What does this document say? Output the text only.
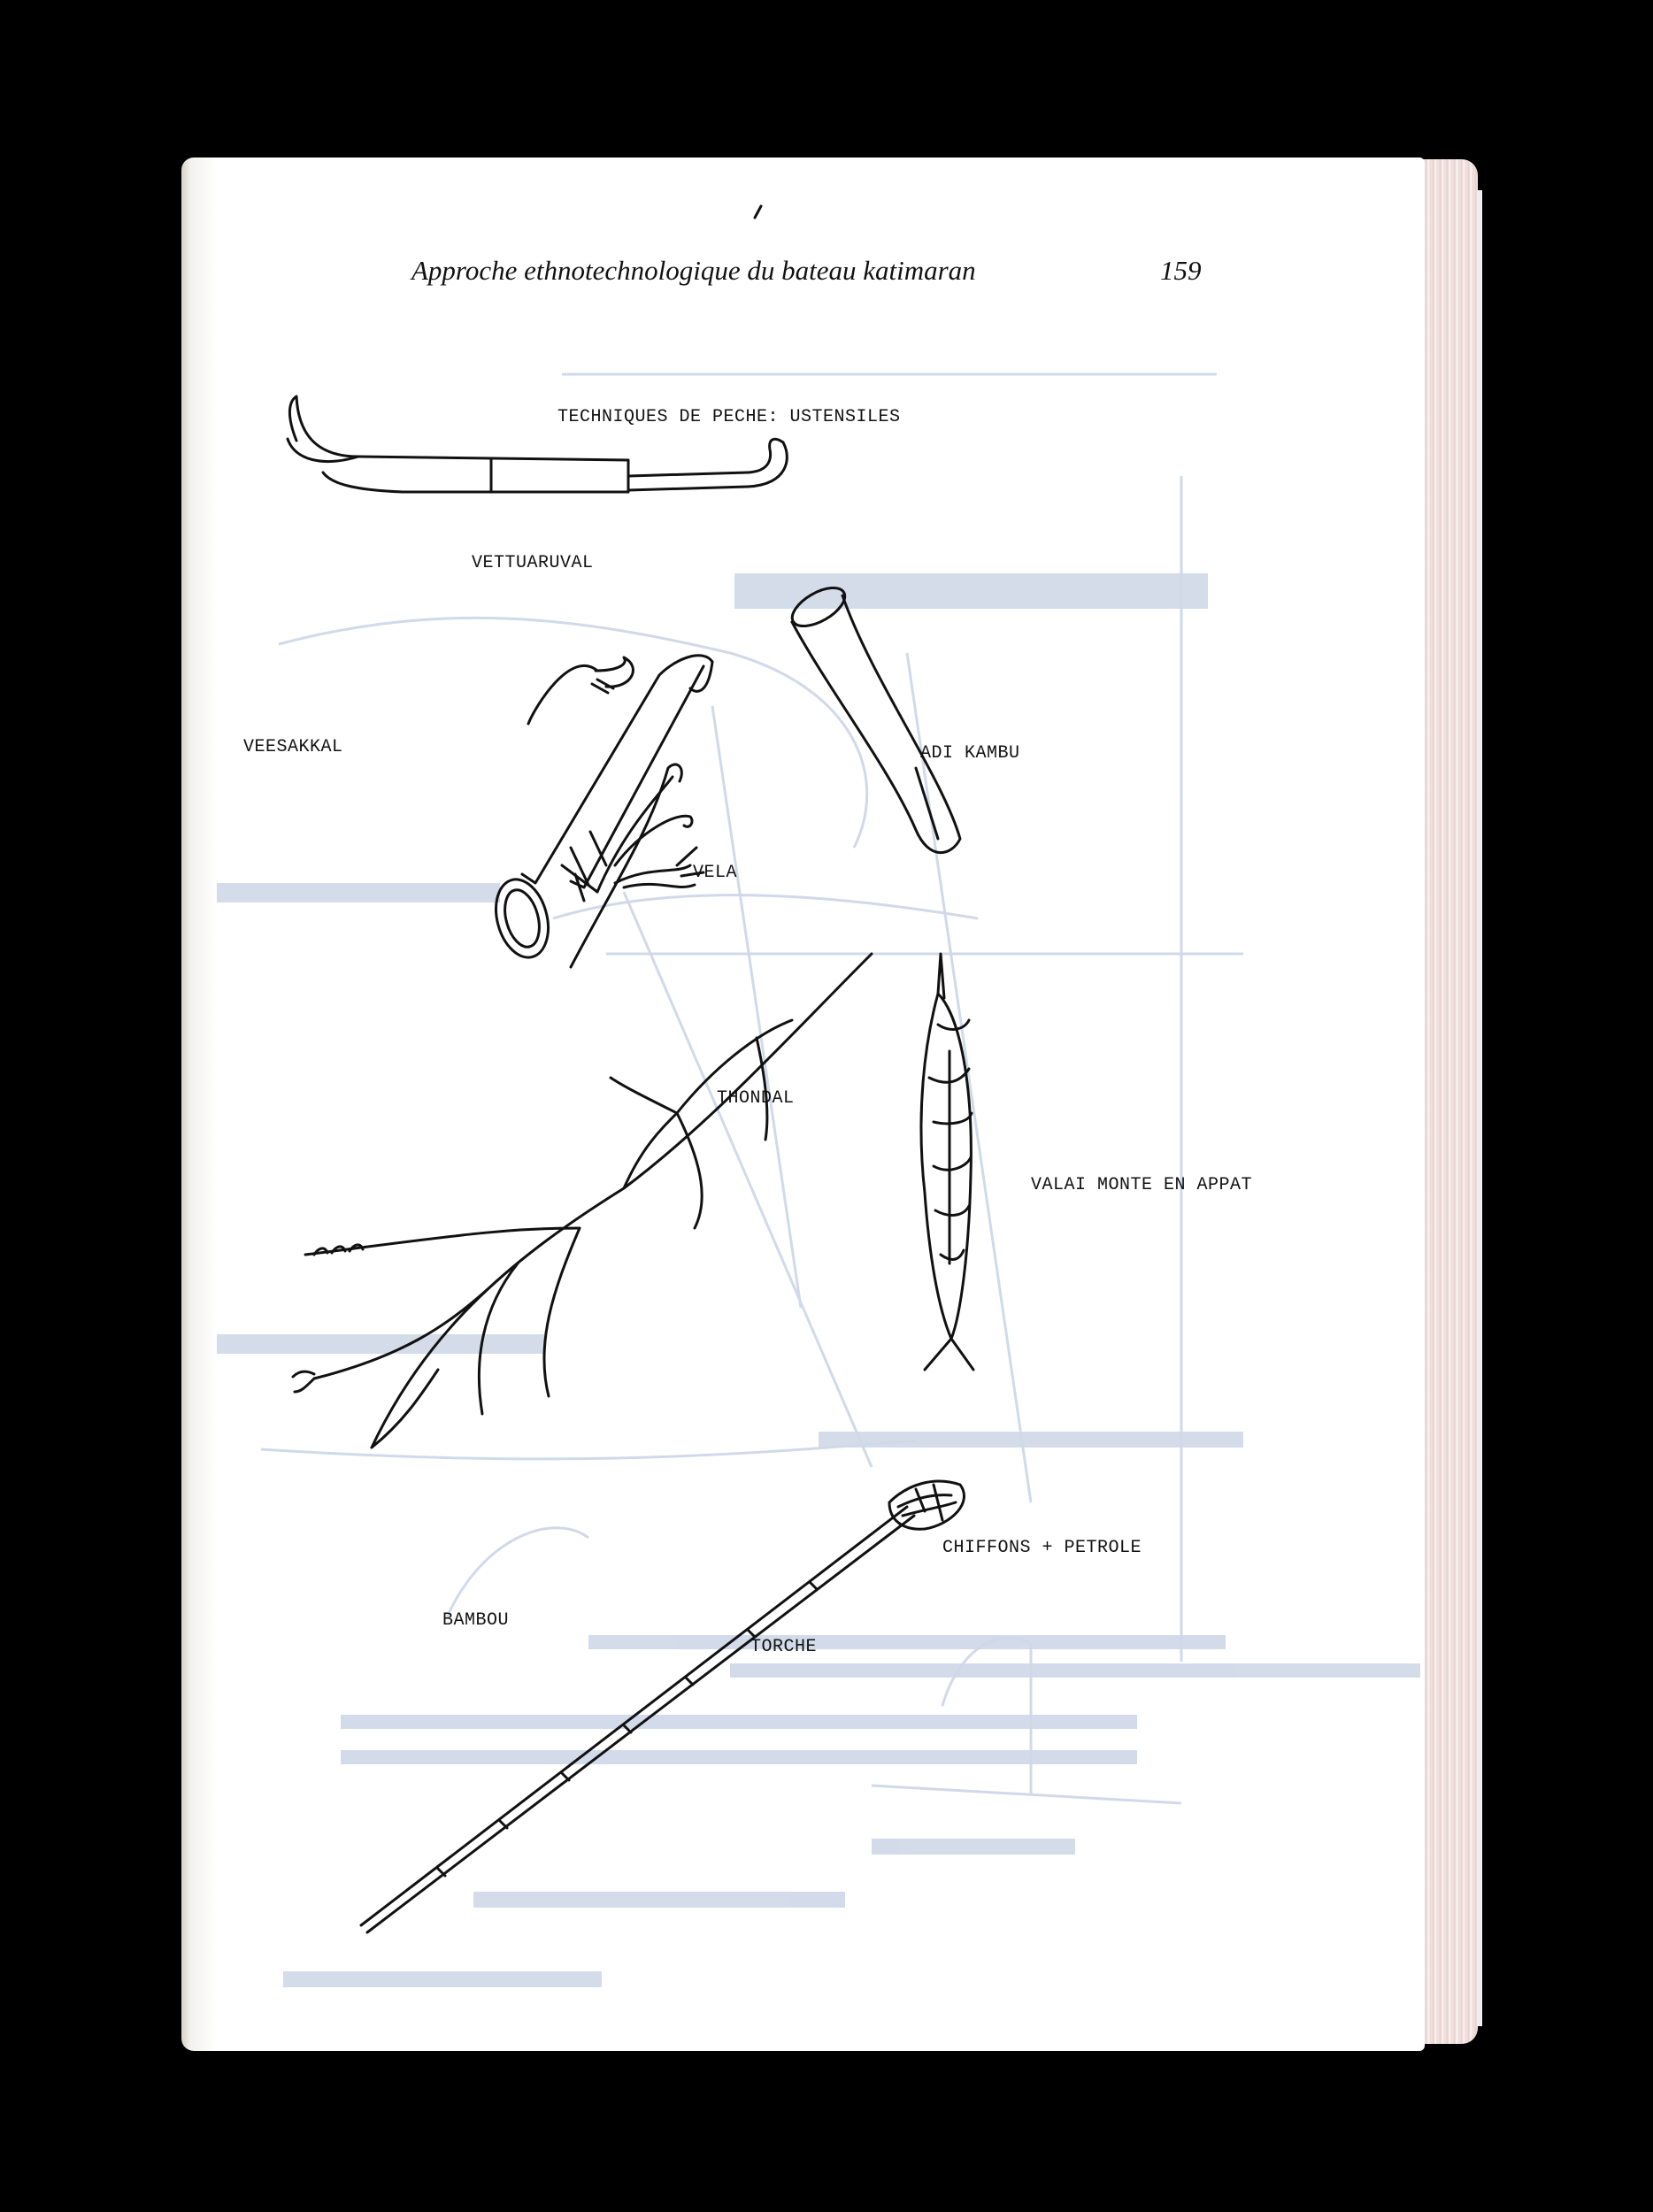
Approche ethnotechnologique du bateau katimaran	159
TECHNIQUES DE PECHE: USTENSILES
VETTUARUVAL
VEESAKKAL	ADI KAMBU
VELA
THONDAL
VALAI MONTE EN APPAT
CHIFFONS + PETROLE
BAMBOU
TORCHE
